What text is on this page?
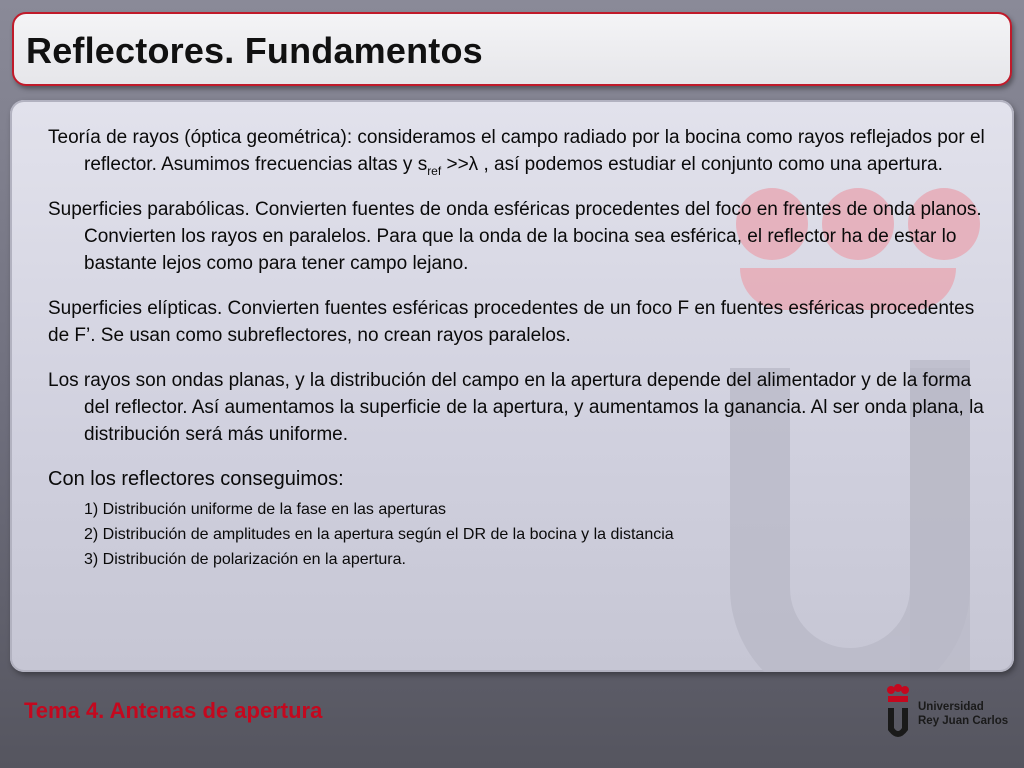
Reflectores. Fundamentos

Teoría de rayos (óptica geométrica): consideramos el campo radiado por la bocina como rayos reflejados por el reflector. Asumimos frecuencias altas y $s_{ref} >>\lambda$ , así podemos estudiar el conjunto como una apertura.

Superficies parabólicas. Convierten fuentes de onda esféricas procedentes del foco en frentes de onda planos. Convierten los rayos en paralelos. Para que la onda de la bocina sea esférica, el reflector ha de estar lo bastante lejos como para tener campo lejano.

Superficies elípticas. Convierten fuentes esféricas procedentes de un foco F en fuentes esféricas procedentes de F’. Se usan como subreflectores, no crean rayos paralelos.

Los rayos son ondas planas, y la distribución del campo en la apertura depende del alimentador y de la forma del reflector. Así aumentamos la superficie de la apertura, y aumentamos la ganancia. Al ser onda plana, la distribución será más uniforme.

Con los reflectores conseguimos:

1) Distribución uniforme de la fase en las aperturas
2) Distribución de amplitudes en la apertura según el DR de la bocina y la distancia
3) Distribución de polarización en la apertura.
Tema 4. Antenas de apertura	Universidad
Rey Juan Carlos
